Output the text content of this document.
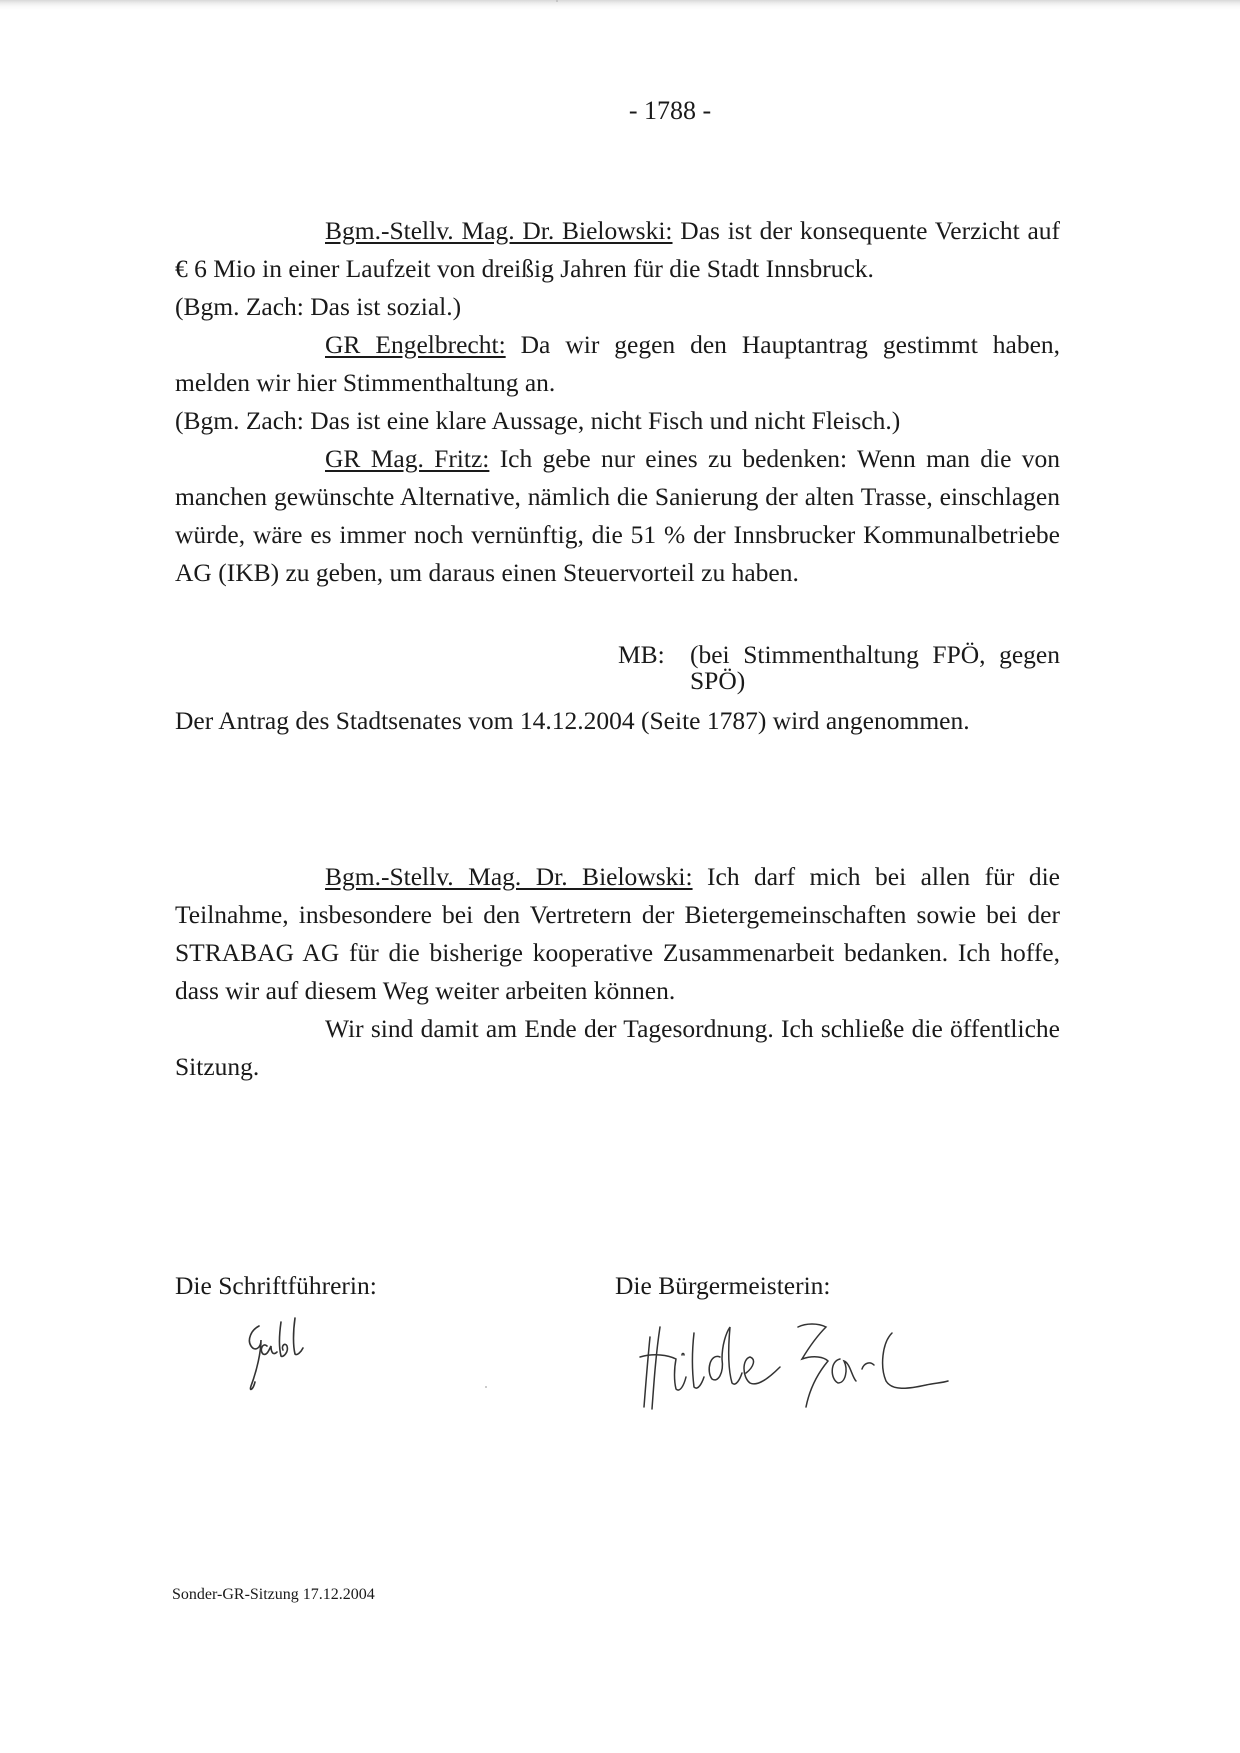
- 1788 -

Bgm.-Stellv. Mag. Dr. Bielowski: Das ist der konsequente Verzicht auf € 6 Mio in einer Laufzeit von dreißig Jahren für die Stadt Innsbruck.

(Bgm. Zach: Das ist sozial.)

GR Engelbrecht: Da wir gegen den Hauptantrag gestimmt haben, melden wir hier Stimmenthaltung an.

(Bgm. Zach: Das ist eine klare Aussage, nicht Fisch und nicht Fleisch.)

GR Mag. Fritz: Ich gebe nur eines zu bedenken: Wenn man die von manchen gewünschte Alternative, nämlich die Sanierung der alten Trasse, einschlagen würde, wäre es immer noch vernünftig, die 51 % der Innsbrucker Kommunalbetriebe AG (IKB) zu geben, um daraus einen Steuervorteil zu haben.

MB: (bei Stimmenthaltung FPÖ, gegen SPÖ)

Der Antrag des Stadtsenates vom 14.12.2004 (Seite 1787) wird angenommen.

Bgm.-Stellv. Mag. Dr. Bielowski: Ich darf mich bei allen für die Teilnahme, insbesondere bei den Vertretern der Bietergemeinschaften sowie bei der STRABAG AG für die bisherige kooperative Zusammenarbeit bedanken. Ich hoffe, dass wir auf diesem Weg weiter arbeiten können.

Wir sind damit am Ende der Tagesordnung. Ich schließe die öffentliche Sitzung.

Die Schriftführerin:	Die Bürgermeisterin:
Sonder-GR-Sitzung 17.12.2004
